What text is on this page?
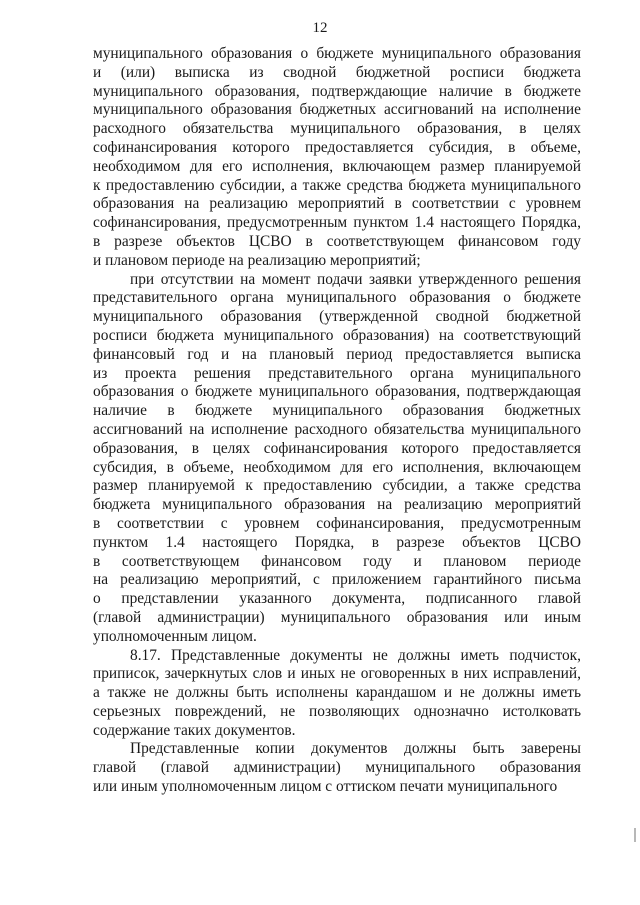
12
муниципального образования о бюджете муниципального образования
и (или) выписка из сводной бюджетной росписи бюджета
муниципального образования, подтверждающие наличие в бюджете
муниципального образования бюджетных ассигнований на исполнение
расходного обязательства муниципального образования, в целях
софинансирования которого предоставляется субсидия, в объеме,
необходимом для его исполнения, включающем размер планируемой
к предоставлению субсидии, а также средства бюджета муниципального
образования на реализацию мероприятий в соответствии с уровнем
софинансирования, предусмотренным пунктом 1.4 настоящего Порядка,
в разрезе объектов ЦСВО в соответствующем финансовом году
и плановом периоде на реализацию мероприятий;
при отсутствии на момент подачи заявки утвержденного решения
представительного органа муниципального образования о бюджете
муниципального образования (утвержденной сводной бюджетной
росписи бюджета муниципального образования) на соответствующий
финансовый год и на плановый период предоставляется выписка
из проекта решения представительного органа муниципального
образования о бюджете муниципального образования, подтверждающая
наличие в бюджете муниципального образования бюджетных
ассигнований на исполнение расходного обязательства муниципального
образования, в целях софинансирования которого предоставляется
субсидия, в объеме, необходимом для его исполнения, включающем
размер планируемой к предоставлению субсидии, а также средства
бюджета муниципального образования на реализацию мероприятий
в соответствии с уровнем софинансирования, предусмотренным
пунктом 1.4 настоящего Порядка, в разрезе объектов ЦСВО
в соответствующем финансовом году и плановом периоде
на реализацию мероприятий, с приложением гарантийного письма
о представлении указанного документа, подписанного главой
(главой администрации) муниципального образования или иным
уполномоченным лицом.
8.17. Представленные документы не должны иметь подчисток,
приписок, зачеркнутых слов и иных не оговоренных в них исправлений,
а также не должны быть исполнены карандашом и не должны иметь
серьезных повреждений, не позволяющих однозначно истолковать
содержание таких документов.
Представленные копии документов должны быть заверены
главой (главой администрации) муниципального образования
или иным уполномоченным лицом с оттиском печати муниципального
